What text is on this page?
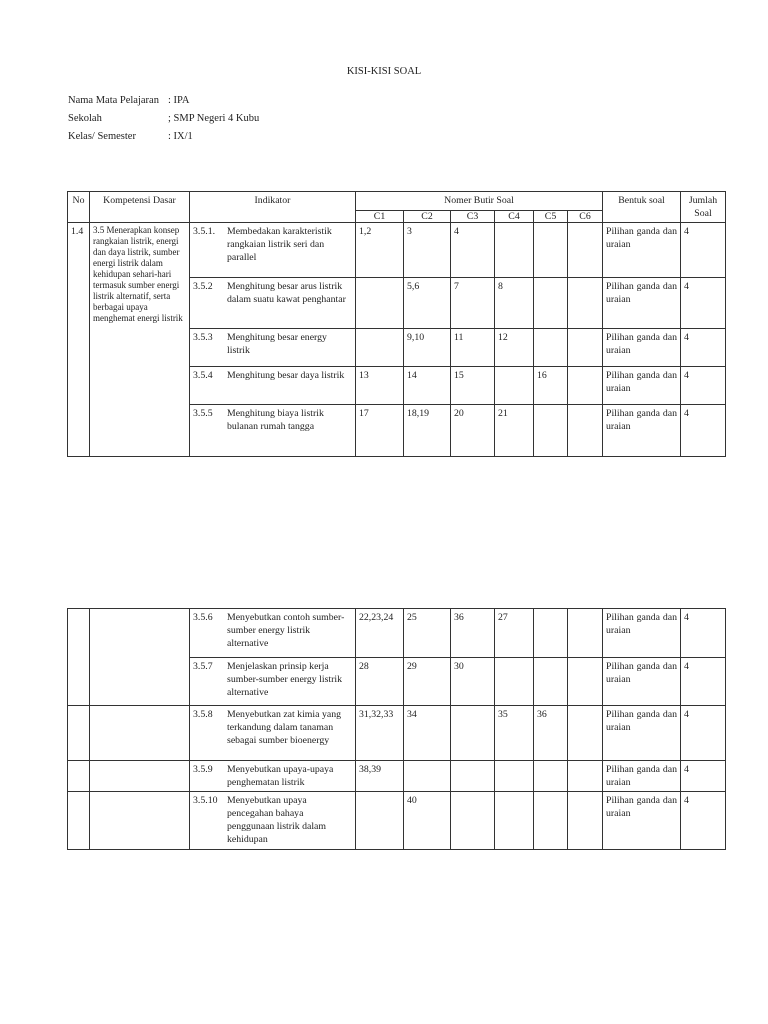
KISI-KISI SOAL
Nama Mata Pelajaran : IPA
Sekolah	; SMP Negeri 4 Kubu
Kelas/ Semester	: IX/1
No	Kompetensi Dasar	Indikator	Nomer Butir Soal						Bentuk soal	Jumlah Soal
			C1	C2	C3	C4	C5	C6		
1.4	3.5 Menerapkan konsep rangkaian listrik, energi dan daya listrik, sumber energi listrik dalam kehidupan sehari-hari termasuk sumber energi listrik alternatif, serta berbagai upaya menghemat energi listrik	3.5.1. Membedakan karakteristik rangkaian listrik seri dan parallel	1,2	3	4				Pilihan ganda dan uraian	4

		3.5.2 Menghitung besar arus listrik dalam suatu kawat penghantar		5,6	7	8			Pilihan ganda dan uraian	4

		3.5.3 Menghitung besar energy listrik		9,10	11	12			Pilihan ganda dan uraian	4

		3.5.4 Menghitung besar daya listrik	13	14	15		16		Pilihan ganda dan uraian	4

		3.5.5 Menghitung biaya listrik bulanan rumah tangga	17	18,19	20	21			Pilihan ganda dan uraian	4

		3.5.6 Menyebutkan contoh sumber-sumber energy listrik alternative	22,23,24	25	36	27			Pilihan ganda dan uraian	4

		3.5.7 Menjelaskan prinsip kerja sumber-sumber energy listrik alternative	28	29	30				Pilihan ganda dan uraian	4

		3.5.8 Menyebutkan zat kimia yang terkandung dalam tanaman sebagai sumber bioenergy	31,32,33	34		35	36		Pilihan ganda dan uraian	4

		3.5.9 Menyebutkan upaya-upaya penghematan listrik	38,39						Pilihan ganda dan uraian	4

		3.5.10 Menyebutkan upaya pencegahan bahaya penggunaan listrik dalam kehidupan		40					Pilihan ganda dan uraian	4
